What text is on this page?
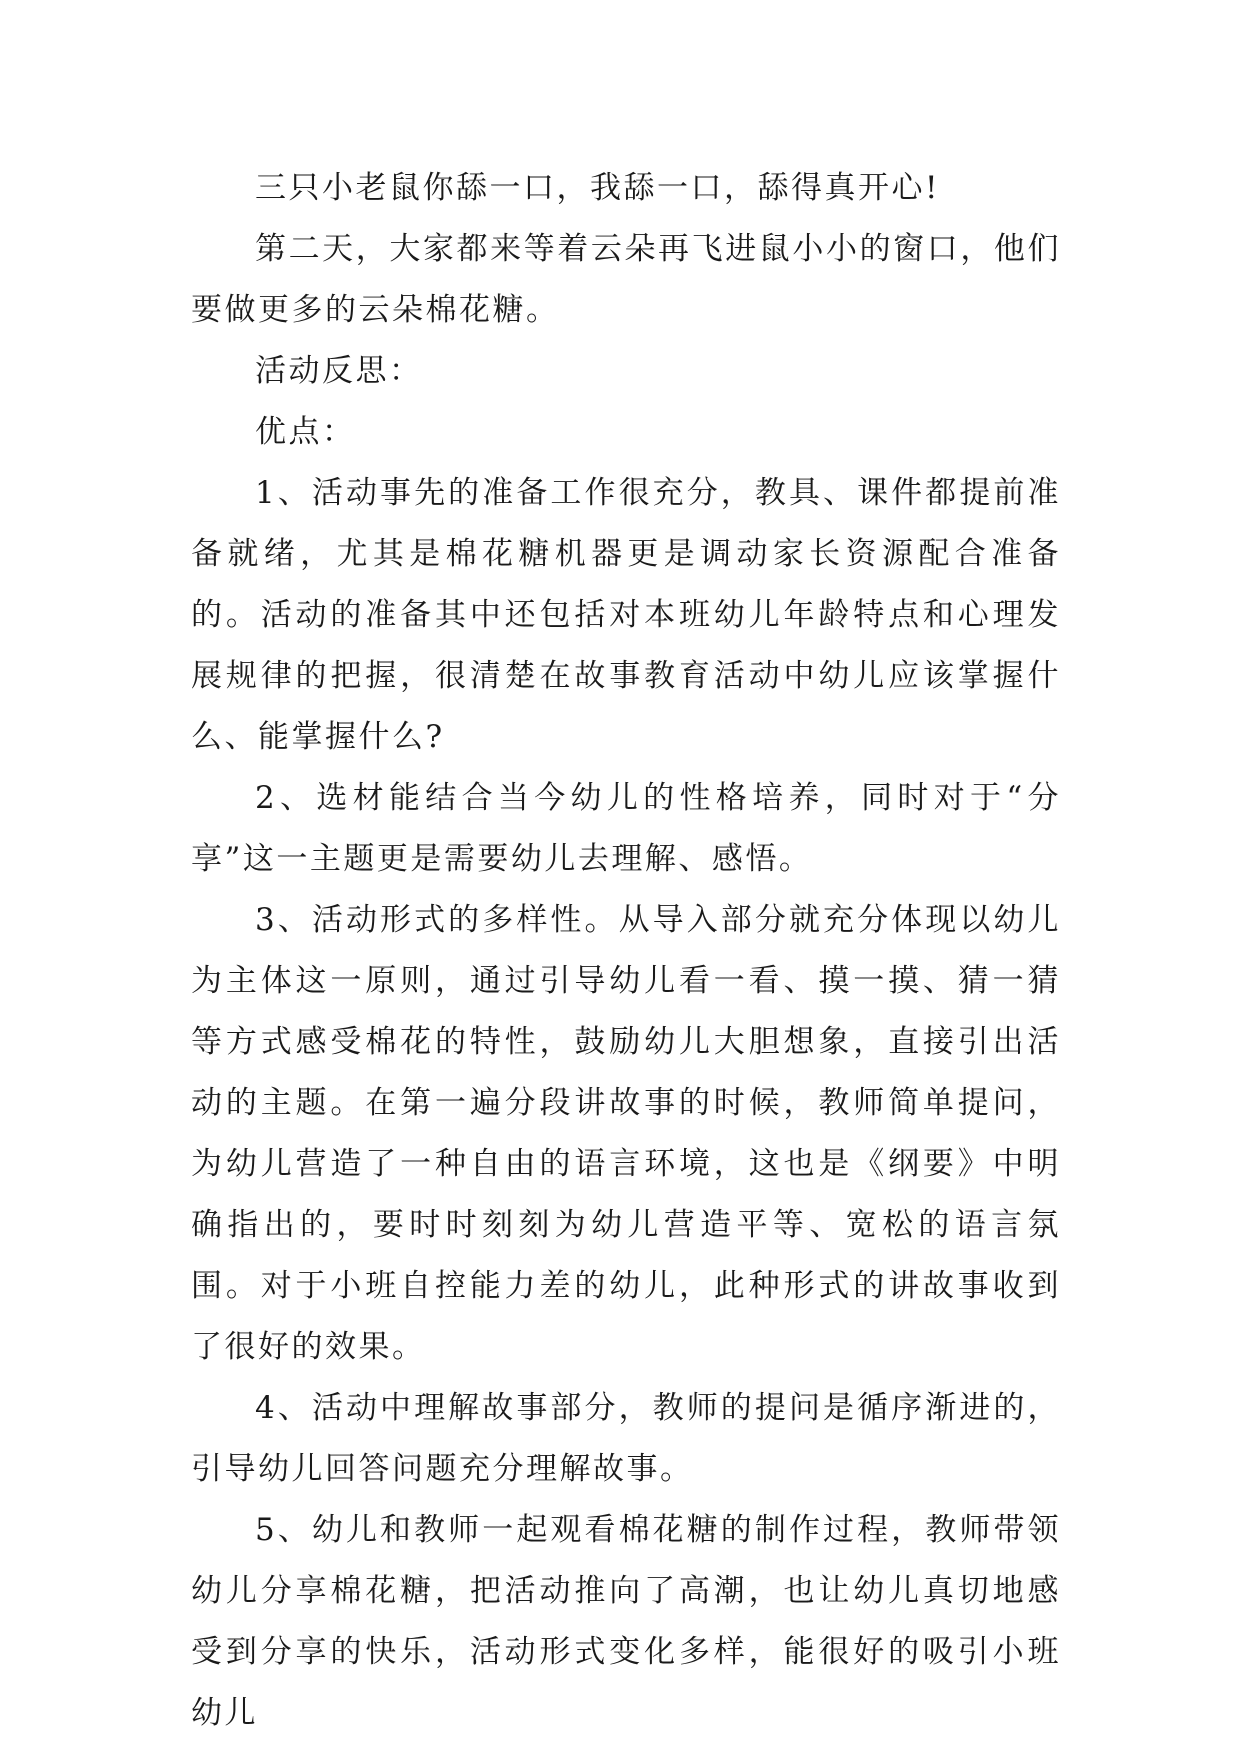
三只小老鼠你舔一口，我舔一口，舔得真开心!

第二天，大家都来等着云朵再飞进鼠小小的窗口，他们要做更多的云朵棉花糖。

活动反思：

优点：

1、活动事先的准备工作很充分，教具、课件都提前准备就绪，尤其是棉花糖机器更是调动家长资源配合准备的。活动的准备其中还包括对本班幼儿年龄特点和心理发展规律的把握，很清楚在故事教育活动中幼儿应该掌握什么、能掌握什么?

2、选材能结合当今幼儿的性格培养，同时对于“分享”这一主题更是需要幼儿去理解、感悟。

3、活动形式的多样性。从导入部分就充分体现以幼儿为主体这一原则，通过引导幼儿看一看、摸一摸、猜一猜等方式感受棉花的特性，鼓励幼儿大胆想象，直接引出活动的主题。在第一遍分段讲故事的时候，教师简单提问，为幼儿营造了一种自由的语言环境，这也是《纲要》中明确指出的，要时时刻刻为幼儿营造平等、宽松的语言氛围。对于小班自控能力差的幼儿，此种形式的讲故事收到了很好的效果。

4、活动中理解故事部分，教师的提问是循序渐进的，引导幼儿回答问题充分理解故事。

5、幼儿和教师一起观看棉花糖的制作过程，教师带领幼儿分享棉花糖，把活动推向了高潮，也让幼儿真切地感受到分享的快乐，活动形式变化多样，能很好的吸引小班幼儿
